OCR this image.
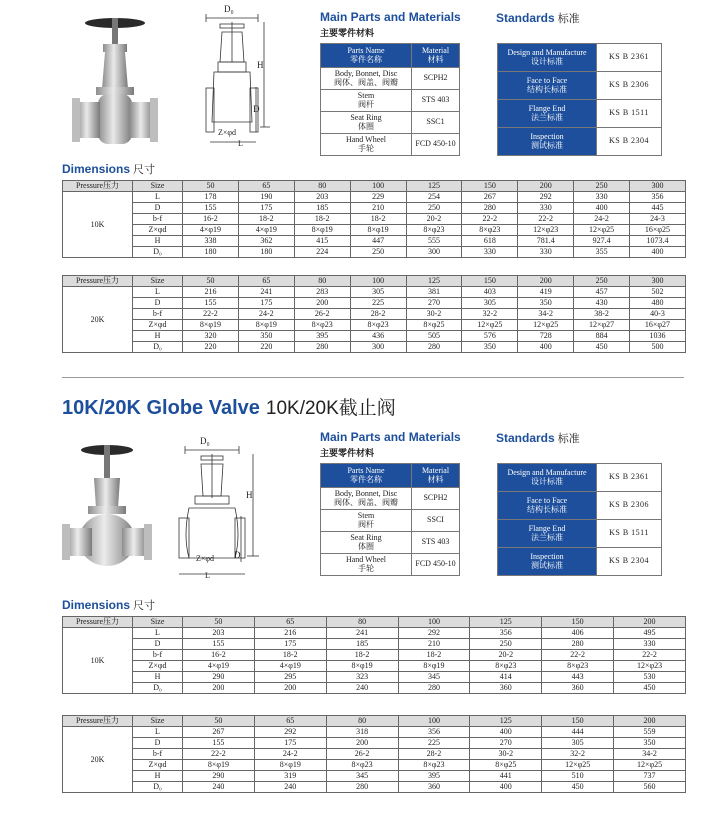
D₀
H
D
Z×φd
L
Main Parts and Materials
主要零件材料
Parts Name
零件名称	Material
材料

Body, Bonnet, Disc
阀体、阀盖、阀瓣	SCPH2

Stem
阀杆	STS 403

Seat Ring
体圈	SSC1

Hand Wheel
手轮	FCD 450-10
Standards 标准
Design and Manufacture
设计标准	KS B 2361

Face to Face
结构长标准	KS B 2306

Flange End
法兰标准	KS B 1511

Inspection
测试标准	KS B 2304
Dimensions 尺寸
Pressure压力	Size	50	65	80	100	125	150	200	250	300
10K	L	178	190	203	229	254	267	292	330	356
	D	155	175	185	210	250	280	330	400	445
	b-f	16-2	18-2	18-2	18-2	20-2	22-2	22-2	24-2	24-3
	Z×φd	4×φ19	4×φ19	8×φ19	8×φ19	8×φ23	8×φ23	12×φ23	12×φ25	16×φ25
	H	338	362	415	447	555	618	781.4	927.4	1073.4
	D₀	180	180	224	250	300	330	330	355	400
Pressure压力	Size	50	65	80	100	125	150	200	250	300
20K	L	216	241	283	305	381	403	419	457	502
	D	155	175	200	225	270	305	350	430	480
	b-f	22-2	24-2	26-2	28-2	30-2	32-2	34-2	38-2	40-3
	Z×φd	8×φ19	8×φ19	8×φ23	8×φ23	8×φ25	12×φ25	12×φ25	12×φ27	16×φ27
	H	320	350	395	436	505	576	728	884	1036
	D₀	220	220	280	300	280	350	400	450	500
10K/20K Globe Valve 10K/20K截止阀
D₀
H
Z×φd D
L
Main Parts and Materials
主要零件材料
Parts Name
零件名称	Material
材料

Body, Bonnet, Disc
阀体、阀盖、阀瓣	SCPH2

Stem
阀杆	SSCI

Seat Ring
体圈	STS 403

Hand Wheel
手轮	FCD 450-10
Standards 标准
Design and Manufacture
设计标准	KS B 2361

Face to Face
结构长标准	KS B 2306

Flange End
法兰标准	KS B 1511

Inspection
测试标准	KS B 2304
Dimensions 尺寸
Pressure压力	Size	50	65	80	100	125	150	200
10K	L	203	216	241	292	356	406	495
	D	155	175	185	210	250	280	330
	b-f	16-2	18-2	18-2	18-2	20-2	22-2	22-2
	Z×φd	4×φ19	4×φ19	8×φ19	8×φ19	8×φ23	8×φ23	12×φ23
	H	290	295	323	345	414	443	530
	D₀	200	200	240	280	360	360	450
Pressure压力	Size	50	65	80	100	125	150	200
20K	L	267	292	318	356	400	444	559
	D	155	175	200	225	270	305	350
	b-f	22-2	24-2	26-2	28-2	30-2	32-2	34-2
	Z×φd	8×φ19	8×φ19	8×φ23	8×φ23	8×φ25	12×φ25	12×φ25
	H	290	319	345	395	441	510	737
	D₀	240	240	280	360	400	450	560
